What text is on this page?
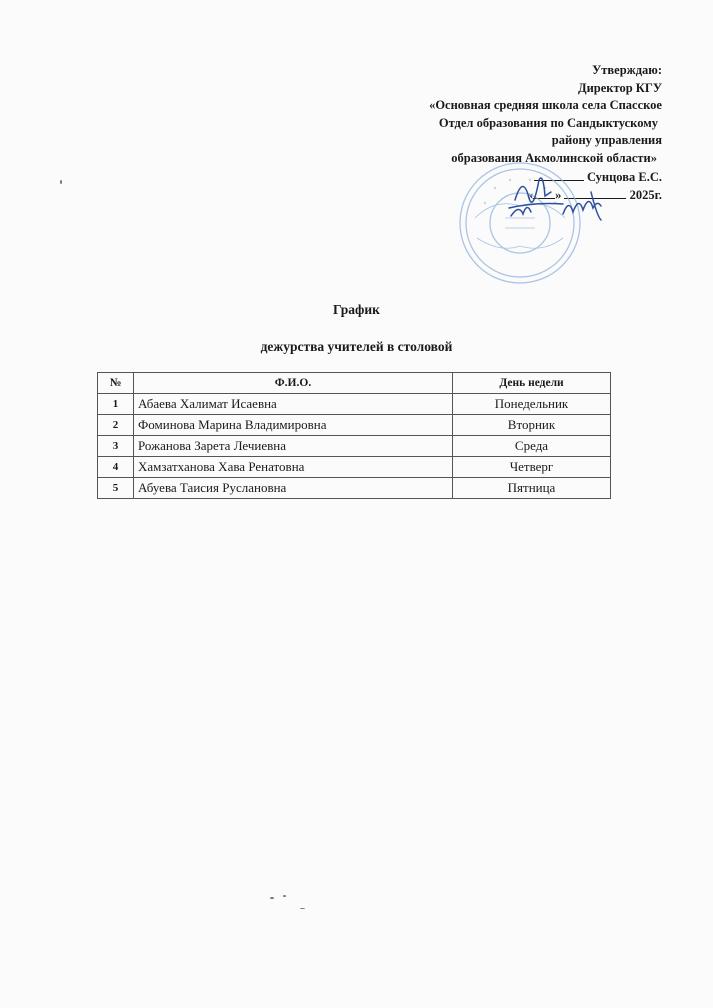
Утверждаю:
Директор КГУ
«Основная средняя школа села Спасское
Отдел образования по Сандыктускому
району управления
образования Акмолинской области»
Сунцова Е.С.
« »	2025г.
График
дежурства учителей в столовой
№	Ф.И.О.	День недели
1	Абаева Халимат Исаевна	Понедельник
2	Фоминова Марина Владимировна	Вторник
3	Рожанова Зарета Лечиевна	Среда
4	Хамзатханова Хава Ренатовна	Четверг
5	Абуева Таисия Руслановна	Пятница
